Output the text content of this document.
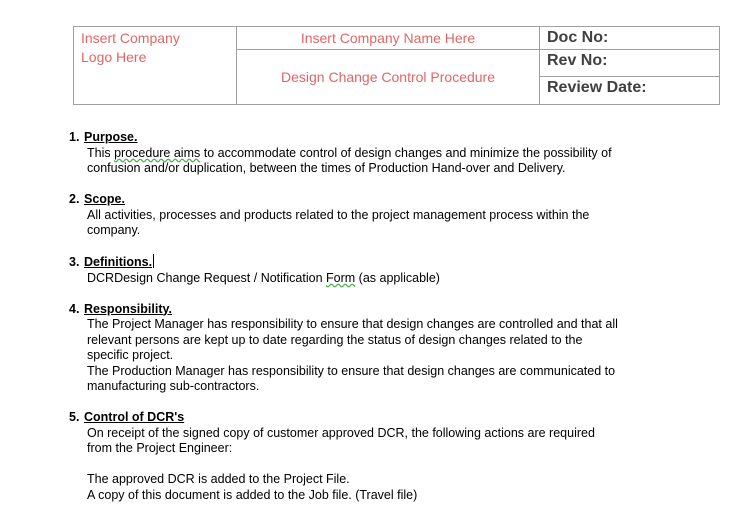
Insert Company
Logo Here	Insert Company Name Here	Doc No:
	Design Change Control Procedure	Rev No:
		Review Date:
1. Purpose.
This procedure aims to accommodate control of design changes and minimize the possibility of
confusion and/or duplication, between the times of Production Hand-over and Delivery.
2. Scope.
All activities, processes and products related to the project management process within the
company.
3. Definitions.
DCRDesign Change Request / Notification Form (as applicable)
4. Responsibility.
The Project Manager has responsibility to ensure that design changes are controlled and that all
relevant persons are kept up to date regarding the status of design changes related to the
specific project.
The Production Manager has responsibility to ensure that design changes are communicated to
manufacturing sub-contractors.
5. Control of DCR's
On receipt of the signed copy of customer approved DCR, the following actions are required
from the Project Engineer:
The approved DCR is added to the Project File.
A copy of this document is added to the Job file. (Travel file)
